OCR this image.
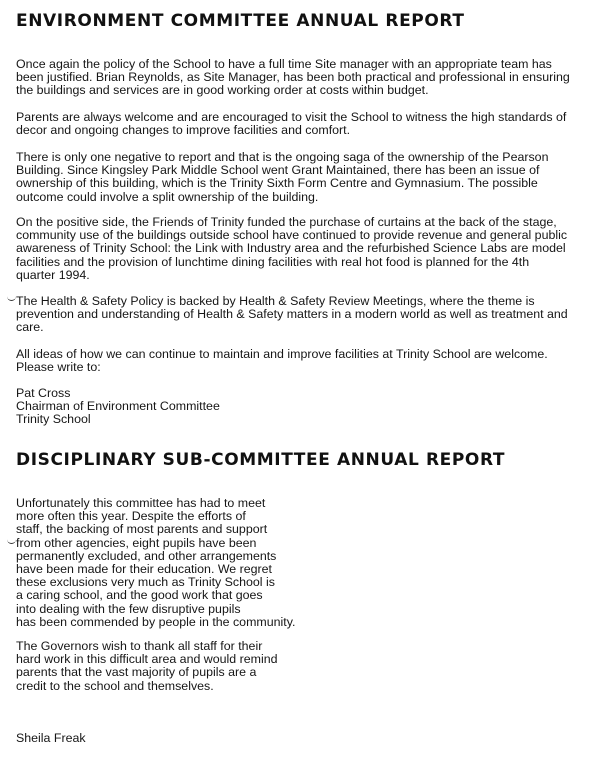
ENVIRONMENT COMMITTEE ANNUAL REPORT

Once again the policy of the School to have a full time Site manager with an appropriate team has
been justified. Brian Reynolds, as Site Manager, has been both practical and professional in ensuring
the buildings and services are in good working order at costs within budget.

Parents are always welcome and are encouraged to visit the School to witness the high standards of
decor and ongoing changes to improve facilities and comfort.

There is only one negative to report and that is the ongoing saga of the ownership of the Pearson
Building. Since Kingsley Park Middle School went Grant Maintained, there has been an issue of
ownership of this building, which is the Trinity Sixth Form Centre and Gymnasium. The possible
outcome could involve a split ownership of the building.

On the positive side, the Friends of Trinity funded the purchase of curtains at the back of the stage,
community use of the buildings outside school have continued to provide revenue and general public
awareness of Trinity School: the Link with Industry area and the refurbished Science Labs are model
facilities and the provision of lunchtime dining facilities with real hot food is planned for the 4th
quarter 1994.

The Health & Safety Policy is backed by Health & Safety Review Meetings, where the theme is
prevention and understanding of Health & Safety matters in a modern world as well as treatment and
care.

All ideas of how we can continue to maintain and improve facilities at Trinity School are welcome.
Please write to:

Pat Cross
Chairman of Environment Committee
Trinity School

DISCIPLINARY SUB-COMMITTEE ANNUAL REPORT

Unfortunately this committee has had to meet
more often this year. Despite the efforts of
staff, the backing of most parents and support
from other agencies, eight pupils have been
permanently excluded, and other arrangements
have been made for their education. We regret
these exclusions very much as Trinity School is
a caring school, and the good work that goes
into dealing with the few disruptive pupils
has been commended by people in the community.

The Governors wish to thank all staff for their
hard work in this difficult area and would remind
parents that the vast majority of pupils are a
credit to the school and themselves.

Sheila Freak
